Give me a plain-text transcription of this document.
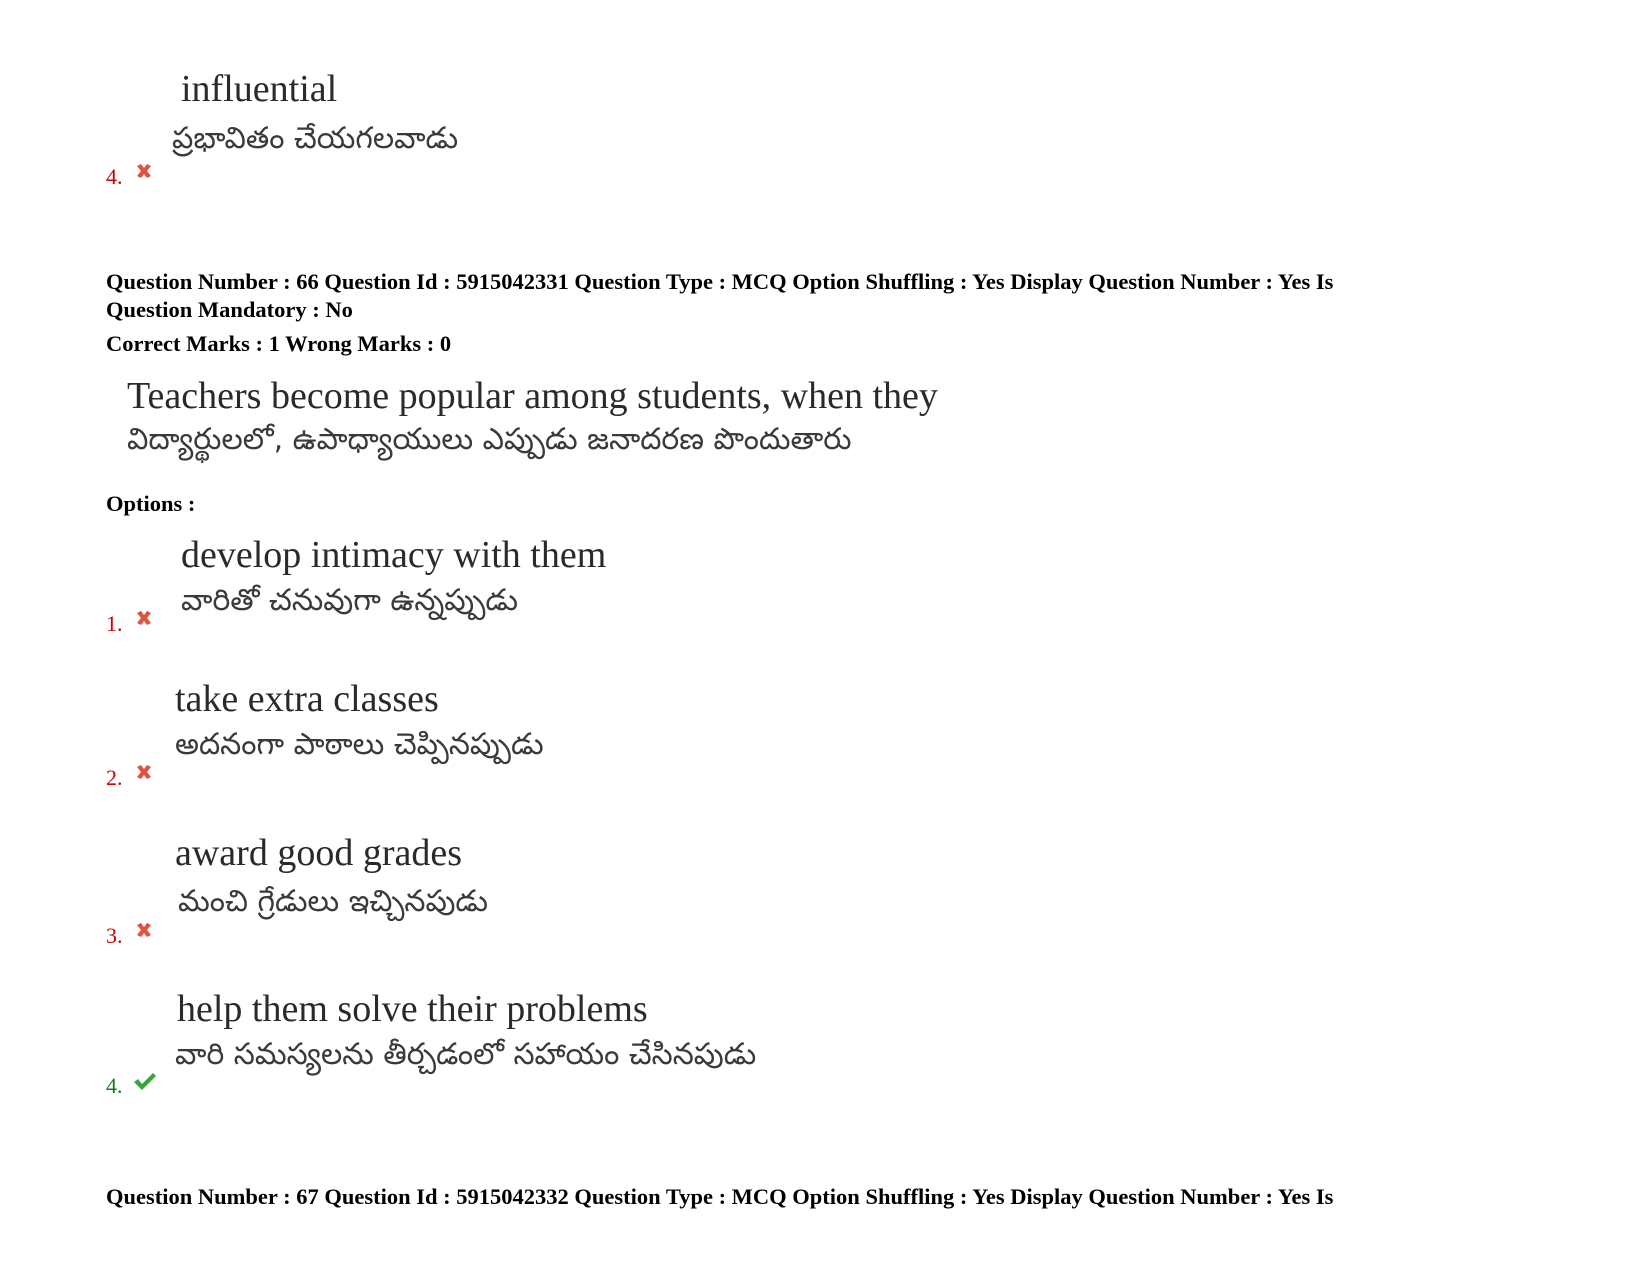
influential
ప్రభావితం చేయగలవాడు
4.
Question Number : 66 Question Id : 5915042331 Question Type : MCQ Option Shuffling : Yes Display Question Number : Yes Is
Question Mandatory : No
Correct Marks : 1 Wrong Marks : 0
Teachers become popular among students, when they
విద్యార్థులలో, ఉపాధ్యాయులు ఎప్పుడు జనాదరణ పొందుతారు
Options :
develop intimacy with them
వారితో చనువుగా ఉన్నప్పుడు
1.
take extra classes
అదనంగా పాఠాలు చెప్పినప్పుడు
2.
award good grades
మంచి గ్రేడులు ఇచ్చినపుడు
3.
help them solve their problems
వారి సమస్యలను తీర్చడంలో సహాయం చేసినపుడు
4.
Question Number : 67 Question Id : 5915042332 Question Type : MCQ Option Shuffling : Yes Display Question Number : Yes Is
